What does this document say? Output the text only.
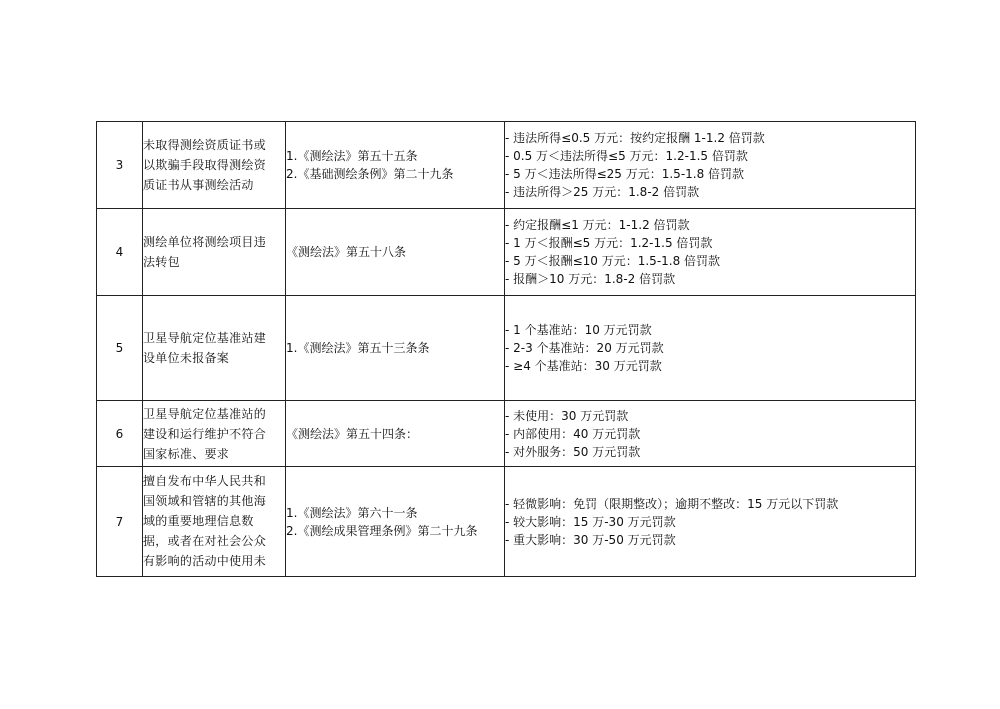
3	未取得测绘资质证书或
以欺骗手段取得测绘资
质证书从事测绘活动	1.《测绘法》第五十五条
2.《基础测绘条例》第二十九条	- 违法所得≤0.5 万元：按约定报酬 1-1.2 倍罚款
- 0.5 万＜违法所得≤5 万元：1.2-1.5 倍罚款
- 5 万＜违法所得≤25 万元：1.5-1.8 倍罚款
- 违法所得＞25 万元：1.8-2 倍罚款

4	测绘单位将测绘项目违
法转包	《测绘法》第五十八条	- 约定报酬≤1 万元：1-1.2 倍罚款
- 1 万＜报酬≤5 万元：1.2-1.5 倍罚款
- 5 万＜报酬≤10 万元：1.5-1.8 倍罚款
- 报酬＞10 万元：1.8-2 倍罚款

5	卫星导航定位基准站建
设单位未报备案	1.《测绘法》第五十三条条	- 1 个基准站：10 万元罚款
- 2-3 个基准站：20 万元罚款
- ≥4 个基准站：30 万元罚款

6	卫星导航定位基准站的
建设和运行维护不符合
国家标准、要求	《测绘法》第五十四条：	- 未使用：30 万元罚款
- 内部使用：40 万元罚款
- 对外服务：50 万元罚款

7	擅自发布中华人民共和
国领域和管辖的其他海
域的重要地理信息数
据，或者在对社会公众
有影响的活动中使用未	1.《测绘法》第六十一条
2.《测绘成果管理条例》第二十九条	- 轻微影响：免罚（限期整改）；逾期不整改：15 万元以下罚款
- 较大影响：15 万-30 万元罚款
- 重大影响：30 万-50 万元罚款
